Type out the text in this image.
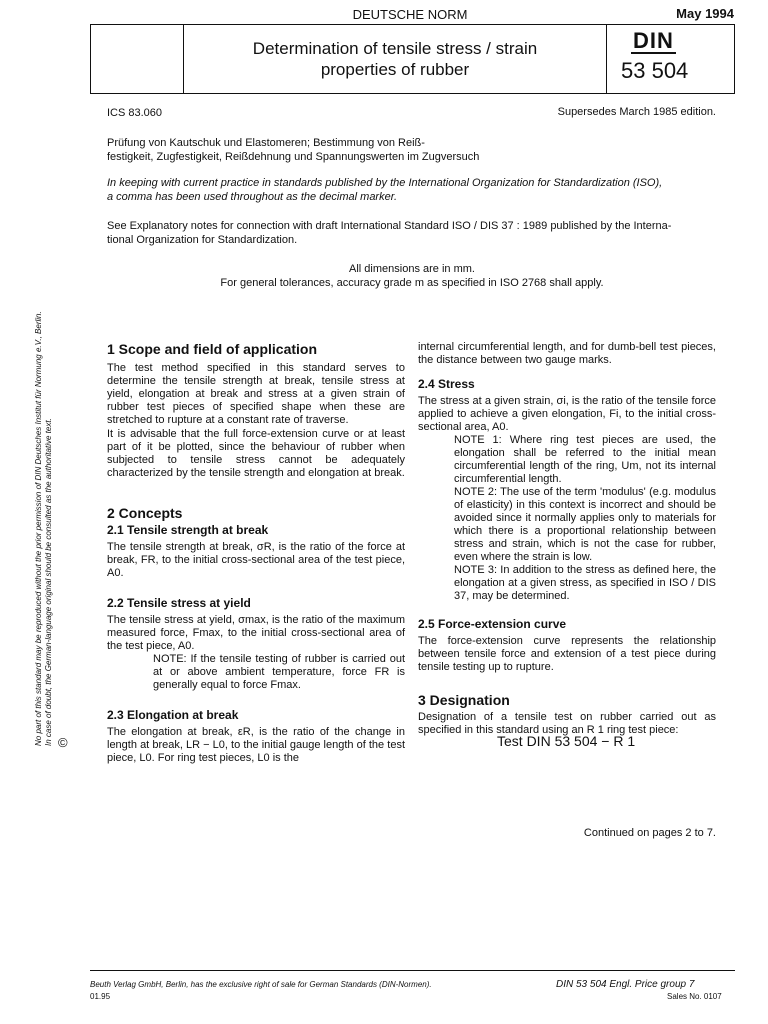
DEUTSCHE NORM	May 1994
Determination of tensile stress / strain
properties of rubber
DIN
53 504
ICS 83.060	Supersedes March 1985 edition.
Prüfung von Kautschuk und Elastomeren; Bestimmung von Reiß-
festigkeit, Zugfestigkeit, Reißdehnung und Spannungswerten im Zugversuch
In keeping with current practice in standards published by the International Organization for Standardization (ISO),
a comma has been used throughout as the decimal marker.
See Explanatory notes for connection with draft International Standard ISO / DIS 37 : 1989 published by the Interna-
tional Organization for Standardization.
All dimensions are in mm.
For general tolerances, accuracy grade m as specified in ISO 2768 shall apply.
No part of this standard may be reproduced without the prior permission of DIN Deutsches Institut für Normung e.V., Berlin. In case of doubt, the German-language original should be consulted as the authoritative text. ©
1 Scope and field of application

The test method specified in this standard serves to determine the tensile strength at break, tensile stress at yield, elongation at break and stress at a given strain of rubber test pieces of specified shape when these are stretched to rupture at a constant rate of traverse.

It is advisable that the full force-extension curve or at least part of it be plotted, since the behaviour of rubber when subjected to tensile stress cannot be adequately characterized by the tensile strength and elongation at break.

2 Concepts
2.1 Tensile strength at break

The tensile strength at break, σR, is the ratio of the force at break, FR, to the initial cross-sectional area of the test piece, A0.

2.2 Tensile stress at yield

The tensile stress at yield, σmax, is the ratio of the maximum measured force, Fmax, to the initial cross-sectional area of the test piece, A0.

NOTE: If the tensile testing of rubber is carried out at or above ambient temperature, force FR is generally equal to force Fmax.

2.3 Elongation at break

The elongation at break, εR, is the ratio of the change in length at break, LR − L0, to the initial gauge length of the test piece, L0. For ring test pieces, L0 is the

internal circumferential length, and for dumb-bell test pieces, the distance between two gauge marks.

2.4 Stress

The stress at a given strain, σi, is the ratio of the tensile force applied to achieve a given elongation, Fi, to the initial cross-sectional area, A0.

NOTE 1: Where ring test pieces are used, the elongation shall be referred to the initial mean circumferential length of the ring, Um, not its internal circumferential length.

NOTE 2: The use of the term 'modulus' (e.g. modulus of elasticity) in this context is incorrect and should be avoided since it normally applies only to materials for which there is a proportional relationship between stress and strain, which is not the case for rubber, even where the strain is low.

NOTE 3: In addition to the stress as defined here, the elongation at a given stress, as specified in ISO / DIS 37, may be determined.

2.5 Force-extension curve

The force-extension curve represents the relationship between tensile force and extension of a test piece during tensile testing up to rupture.

3 Designation

Designation of a tensile test on rubber carried out as specified in this standard using an R 1 ring test piece:

Test DIN 53 504 − R 1
Continued on pages 2 to 7.
Beuth Verlag GmbH, Berlin, has the exclusive right of sale for German Standards (DIN-Normen).
01.95
DIN 53 504 Engl. Price group 7
Sales No. 0107
